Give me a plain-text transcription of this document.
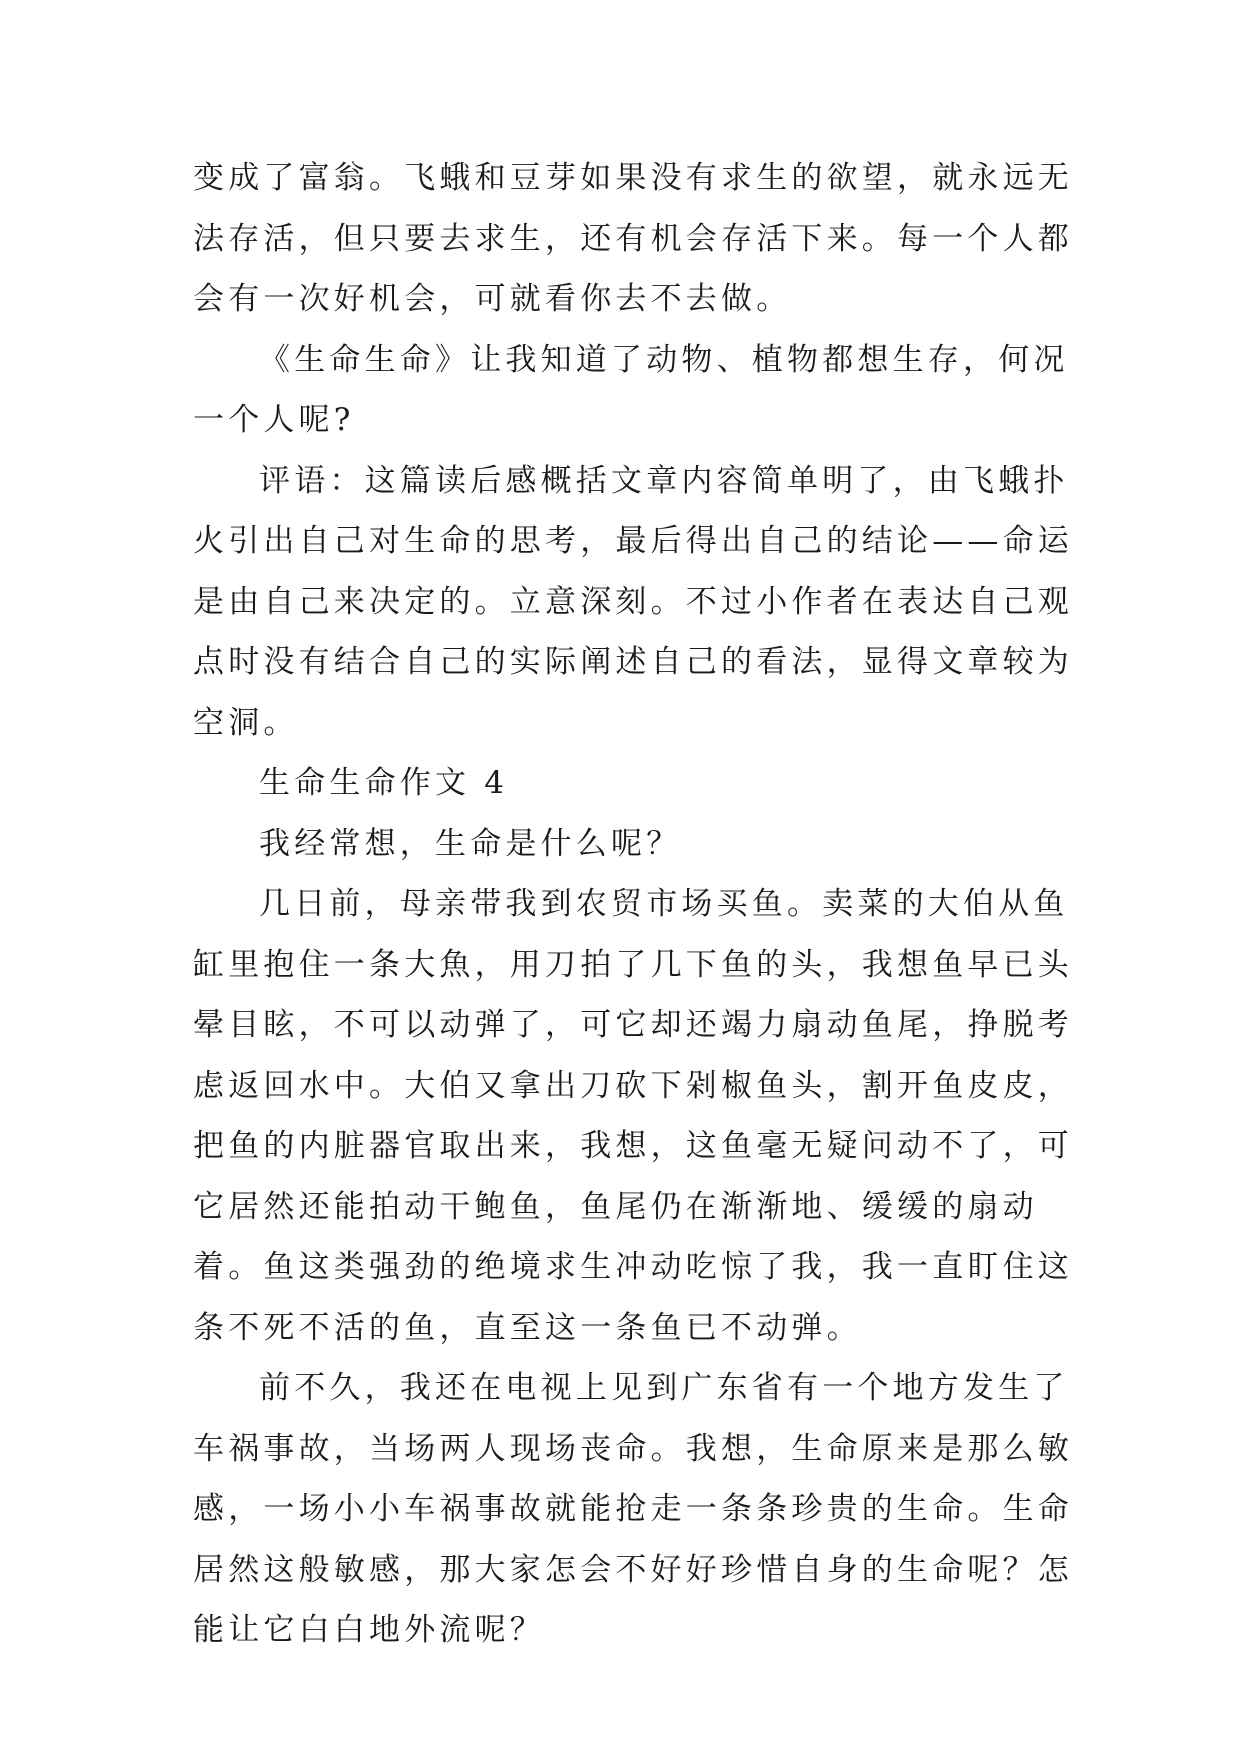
变成了富翁。飞蛾和豆芽如果没有求生的欲望，就永远无法存活，但只要去求生，还有机会存活下来。每一个人都会有一次好机会，可就看你去不去做。

《生命生命》让我知道了动物、植物都想生存，何况一个人呢?

评语：这篇读后感概括文章内容简单明了，由飞蛾扑火引出自己对生命的思考，最后得出自己的结论——命运是由自己来决定的。立意深刻。不过小作者在表达自己观点时没有结合自己的实际阐述自己的看法，显得文章较为空洞。

生命生命作文 4

我经常想，生命是什么呢？

几日前，母亲带我到农贸市场买鱼。卖菜的大伯从鱼缸里抱住一条大魚，用刀拍了几下鱼的头，我想鱼早已头晕目眩，不可以动弹了，可它却还竭力扇动鱼尾，挣脱考虑返回水中。大伯又拿出刀砍下剁椒鱼头，割开鱼皮皮，把鱼的内脏器官取出来，我想，这鱼毫无疑问动不了，可它居然还能拍动干鲍鱼，鱼尾仍在渐渐地、缓缓的扇动着。鱼这类强劲的绝境求生冲动吃惊了我，我一直盯住这条不死不活的鱼，直至这一条鱼已不动弹。

前不久，我还在电视上见到广东省有一个地方发生了车祸事故，当场两人现场丧命。我想，生命原来是那么敏感，一场小小车祸事故就能抢走一条条珍贵的生命。生命居然这般敏感，那大家怎会不好好珍惜自身的生命呢？怎能让它白白地外流呢？
